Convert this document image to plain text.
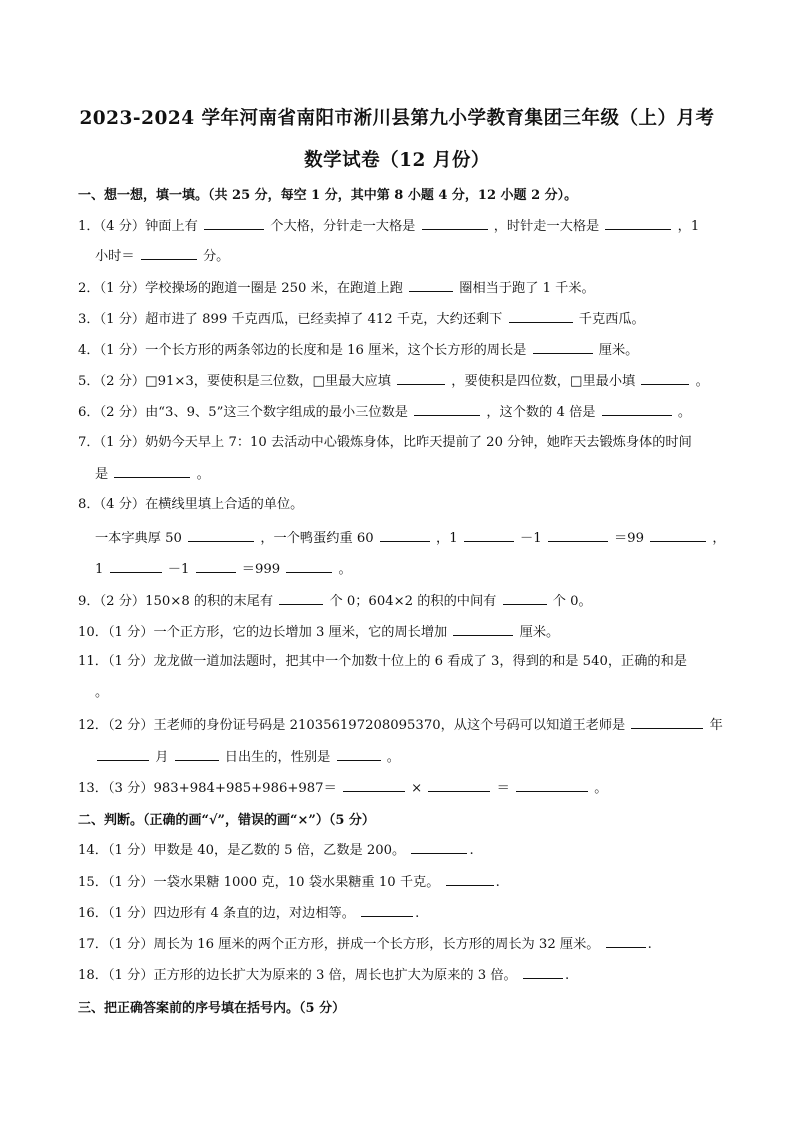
2023-2024 学年河南省南阳市淅川县第九小学教育集团三年级（上）月考
数学试卷（12 月份）
一、想一想，填一填。（共 25 分，每空 1 分，其中第 8 小题 4 分，12 小题 2 分）。
1．（4 分）钟面上有	个大格，分针走一大格是	，时针走一大格是	，1
小时＝	分。
2．（1 分）学校操场的跑道一圈是 250 米，在跑道上跑	圈相当于跑了 1 千米。
3．（1 分）超市进了 899 千克西瓜，已经卖掉了 412 千克，大约还剩下	千克西瓜。
4．（1 分）一个长方形的两条邻边的长度和是 16 厘米，这个长方形的周长是	厘米。
5．（2 分）□91×3，要使积是三位数，□里最大应填	，要使积是四位数，□里最小填	。
6．（2 分）由“3、9、5”这三个数字组成的最小三位数是	，这个数的 4 倍是	。
7．（1 分）奶奶今天早上 7：10 去活动中心锻炼身体，比昨天提前了 20 分钟，她昨天去锻炼身体的时间
是	。
8．（4 分）在横线里填上合适的单位。
一本字典厚 50	，一个鸭蛋约重 60	，1	－1	＝99	，
1	－1	＝999	。
9．（2 分）150×8 的积的末尾有	个 0；604×2 的积的中间有	个 0。
10．（1 分）一个正方形，它的边长增加 3 厘米，它的周长增加	厘米。
11．（1 分）龙龙做一道加法题时，把其中一个加数十位上的 6 看成了 3，得到的和是 540，正确的和是
。
12．（2 分）王老师的身份证号码是 210356197208095370，从这个号码可以知道王老师是	年
月	日出生的，性别是	。
13．（3 分）983+984+985+986+987＝	×	＝	。
二、判断。（正确的画“√”，错误的画“×”）（5 分）
14．（1 分）甲数是 40，是乙数的 5 倍，乙数是 200。	.
15．（1 分）一袋水果糖 1000 克，10 袋水果糖重 10 千克。	.
16．（1 分）四边形有 4 条直的边，对边相等。	.
17．（1 分）周长为 16 厘米的两个正方形，拼成一个长方形，长方形的周长为 32 厘米。	.
18．（1 分）正方形的边长扩大为原来的 3 倍，周长也扩大为原来的 3 倍。	.
三、把正确答案前的序号填在括号内。（5 分）
